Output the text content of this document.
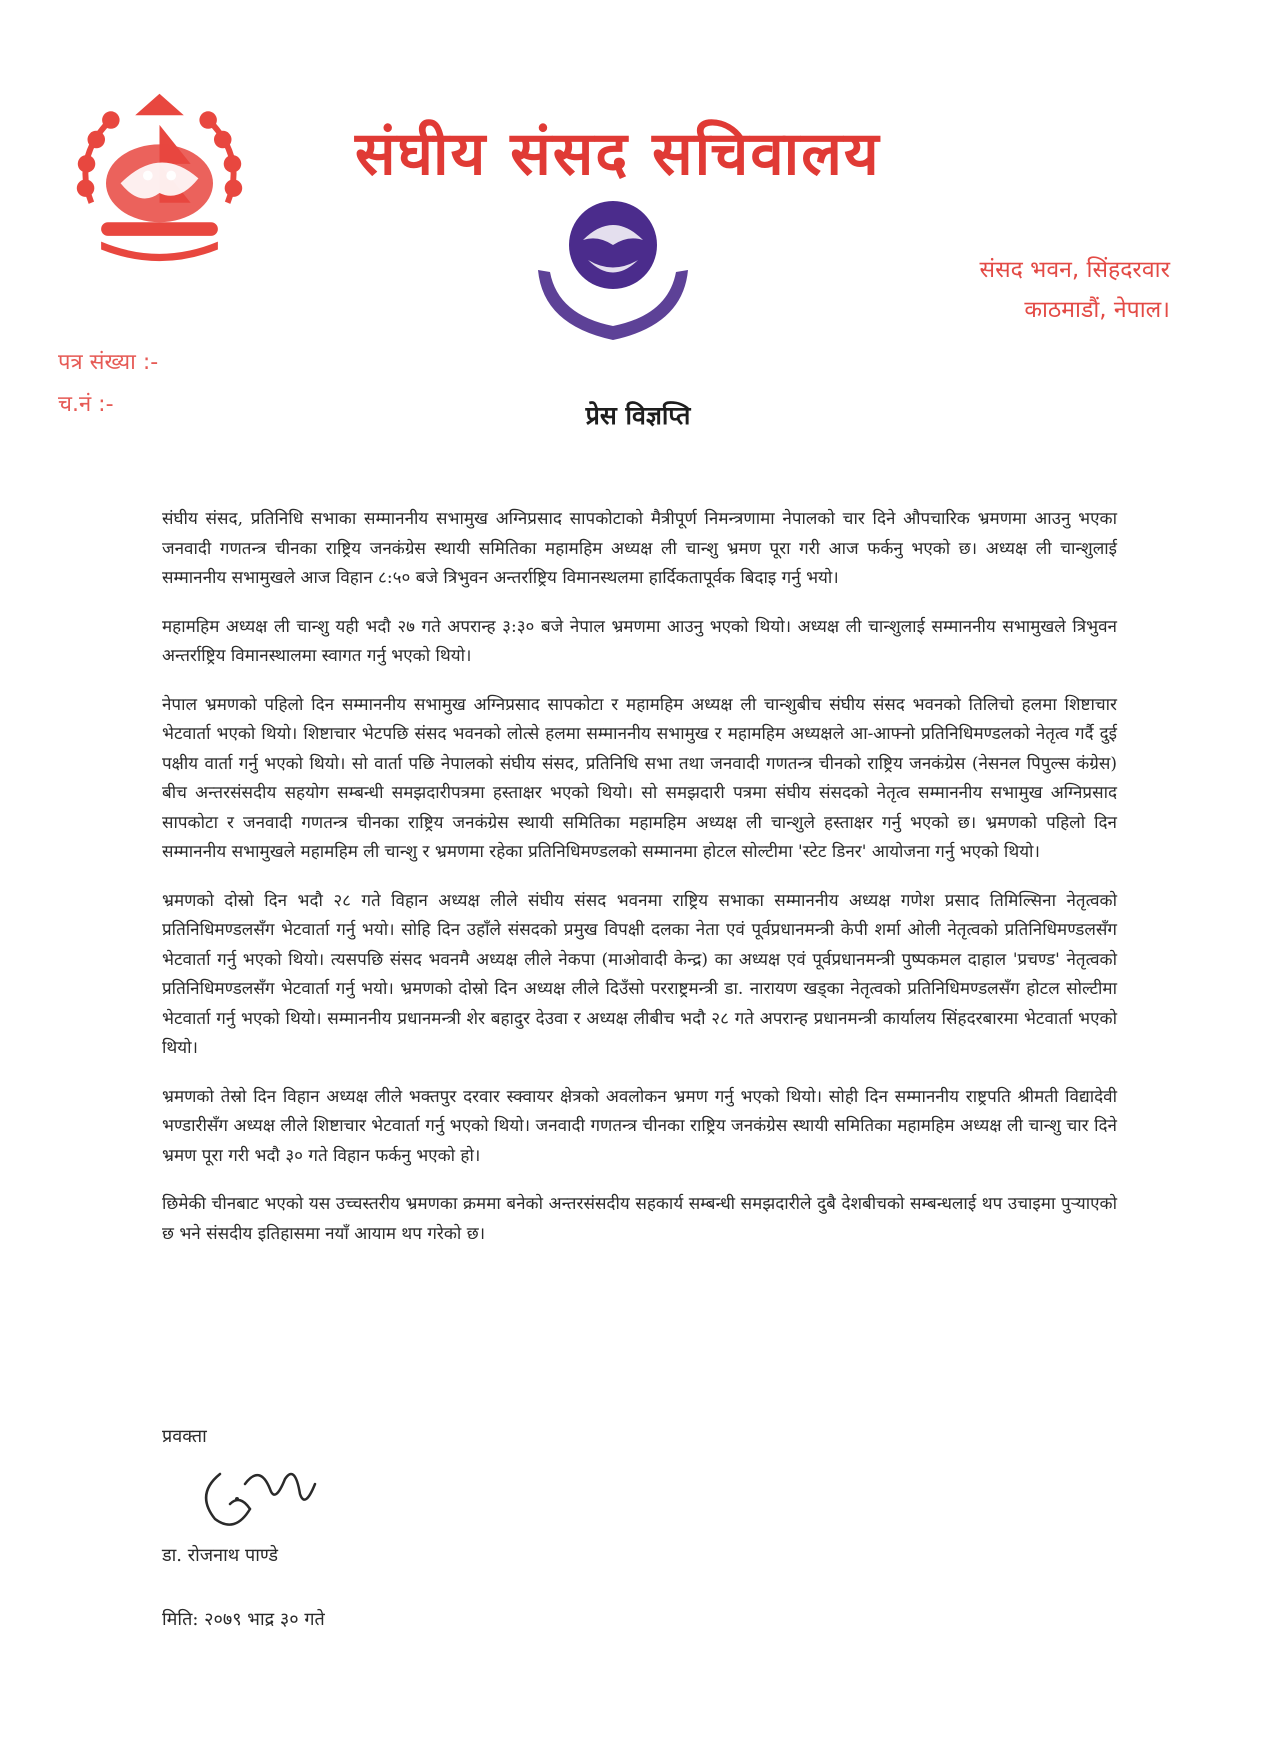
संघीय संसद सचिवालय
संसद भवन, सिंहदरवार
काठमाडौं, नेपाल।
पत्र संख्या :-
च.नं :-	प्रेस विज्ञप्ति

संघीय संसद, प्रतिनिधि सभाका सम्माननीय सभामुख अग्निप्रसाद सापकोटाको मैत्रीपूर्ण निमन्त्रणामा नेपालको चार दिने औपचारिक भ्रमणमा आउनु भएका जनवादी गणतन्त्र चीनका राष्ट्रिय जनकंग्रेस स्थायी समितिका महामहिम अध्यक्ष ली चान्शु भ्रमण पूरा गरी आज फर्कनु भएको छ। अध्यक्ष ली चान्शुलाई सम्माननीय सभामुखले आज विहान ८:५० बजे त्रिभुवन अन्तर्राष्ट्रिय विमानस्थलमा हार्दिकतापूर्वक बिदाइ गर्नु भयो।

महामहिम अध्यक्ष ली चान्शु यही भदौ २७ गते अपरान्ह ३:३० बजे नेपाल भ्रमणमा आउनु भएको थियो। अध्यक्ष ली चान्शुलाई सम्माननीय सभामुखले त्रिभुवन अन्तर्राष्ट्रिय विमानस्थालमा स्वागत गर्नु भएको थियो।

नेपाल भ्रमणको पहिलो दिन सम्माननीय सभामुख अग्निप्रसाद सापकोटा र महामहिम अध्यक्ष ली चान्शुबीच संघीय संसद भवनको तिलिचो हलमा शिष्टाचार भेटवार्ता भएको थियो। शिष्टाचार भेटपछि संसद भवनको लोत्से हलमा सम्माननीय सभामुख र महामहिम अध्यक्षले आ-आफ्नो प्रतिनिधिमण्डलको नेतृत्व गर्दै दुई पक्षीय वार्ता गर्नु भएको थियो। सो वार्ता पछि नेपालको संघीय संसद, प्रतिनिधि सभा तथा जनवादी गणतन्त्र चीनको राष्ट्रिय जनकंग्रेस (नेसनल पिपुल्स कंग्रेस) बीच अन्तरसंसदीय सहयोग सम्बन्धी समझदारीपत्रमा हस्ताक्षर भएको थियो। सो समझदारी पत्रमा संघीय संसदको नेतृत्व सम्माननीय सभामुख अग्निप्रसाद सापकोटा र जनवादी गणतन्त्र चीनका राष्ट्रिय जनकंग्रेस स्थायी समितिका महामहिम अध्यक्ष ली चान्शुले हस्ताक्षर गर्नु भएको छ। भ्रमणको पहिलो दिन सम्माननीय सभामुखले महामहिम ली चान्शु र भ्रमणमा रहेका प्रतिनिधिमण्डलको सम्मानमा होटल सोल्टीमा 'स्टेट डिनर' आयोजना गर्नु भएको थियो।

भ्रमणको दोस्रो दिन भदौ २८ गते विहान अध्यक्ष लीले संघीय संसद भवनमा राष्ट्रिय सभाका सम्माननीय अध्यक्ष गणेश प्रसाद तिमिल्सिना नेतृत्वको प्रतिनिधिमण्डलसँग भेटवार्ता गर्नु भयो। सोहि दिन उहाँले संसदको प्रमुख विपक्षी दलका नेता एवं पूर्वप्रधानमन्त्री केपी शर्मा ओली नेतृत्वको प्रतिनिधिमण्डलसँग भेटवार्ता गर्नु भएको थियो। त्यसपछि संसद भवनमै अध्यक्ष लीले नेकपा (माओवादी केन्द्र) का अध्यक्ष एवं पूर्वप्रधानमन्त्री पुष्पकमल दाहाल 'प्रचण्ड' नेतृत्वको प्रतिनिधिमण्डलसँग भेटवार्ता गर्नु भयो। भ्रमणको दोस्रो दिन अध्यक्ष लीले दिउँसो परराष्ट्रमन्त्री डा. नारायण खड्का नेतृत्वको प्रतिनिधिमण्डलसँग होटल सोल्टीमा भेटवार्ता गर्नु भएको थियो। सम्माननीय प्रधानमन्त्री शेर बहादुर देउवा र अध्यक्ष लीबीच भदौ २८ गते अपरान्ह प्रधानमन्त्री कार्यालय सिंहदरबारमा भेटवार्ता भएको थियो।

भ्रमणको तेस्रो दिन विहान अध्यक्ष लीले भक्तपुर दरवार स्क्वायर क्षेत्रको अवलोकन भ्रमण गर्नु भएको थियो। सोही दिन सम्माननीय राष्ट्रपति श्रीमती विद्यादेवी भण्डारीसँग अध्यक्ष लीले शिष्टाचार भेटवार्ता गर्नु भएको थियो। जनवादी गणतन्त्र चीनका राष्ट्रिय जनकंग्रेस स्थायी समितिका महामहिम अध्यक्ष ली चान्शु चार दिने भ्रमण पूरा गरी भदौ ३० गते विहान फर्कनु भएको हो।

छिमेकी चीनबाट भएको यस उच्चस्तरीय भ्रमणका क्रममा बनेको अन्तरसंसदीय सहकार्य सम्बन्धी समझदारीले दुबै देशबीचको सम्बन्धलाई थप उचाइमा पुर्‍याएको छ भने संसदीय इतिहासमा नयाँ आयाम थप गरेको छ।

प्रवक्ता
डा. रोजनाथ पाण्डे
मिति: २०७९ भाद्र ३० गते
